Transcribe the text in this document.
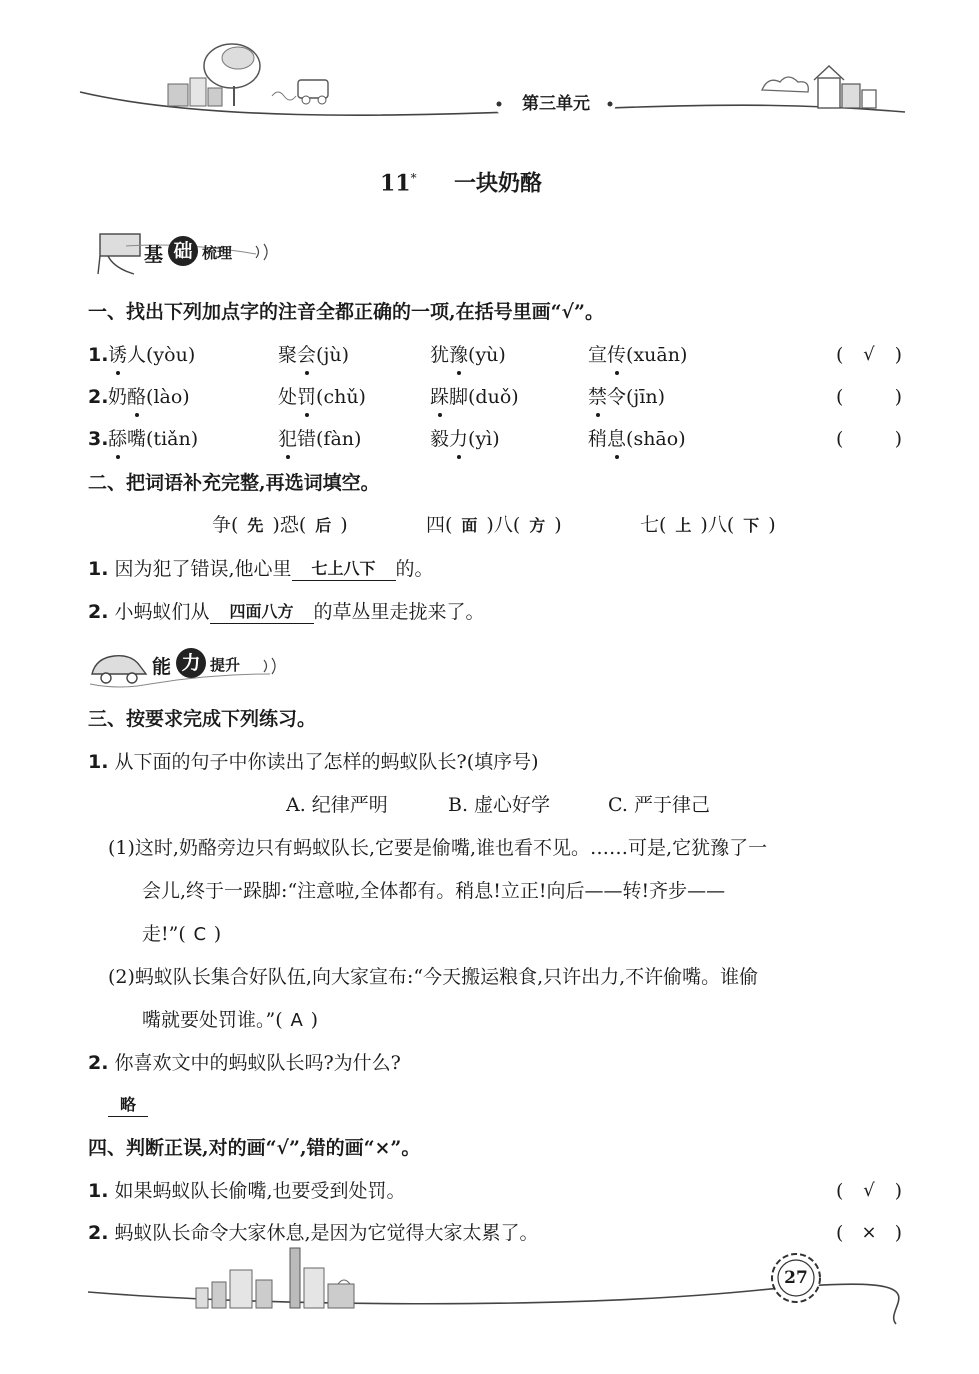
第三单元
11* 一块奶酪
基 础 梳理
一、找出下列加点字的注音全都正确的一项,在括号里画“√”。
1. 诱人(yòu)	聚会(jù)	犹豫(yù)	宣传(xuān)	( √ )
2. 奶酪(lào)	处罚(chǔ)	跺脚(duǒ)	禁令(jīn)	(	)
3. 舔嘴(tiǎn)	犯错(fàn)	毅力(yì)	稍息(shāo)	(	)
二、把词语补充完整,再选词填空。
争( 先 )恐( 后 )	四( 面 )八( 方 )	七( 上 )八( 下 )
1. 因为犯了错误,他心里 七上八下 的。
2. 小蚂蚁们从 四面八方 的草丛里走拢来了。
能 力 提升
三、按要求完成下列练习。
1. 从下面的句子中你读出了怎样的蚂蚁队长?(填序号)
A. 纪律严明	B. 虚心好学	C. 严于律己
(1)这时,奶酪旁边只有蚂蚁队长,它要是偷嘴,谁也看不见。……可是,它犹豫了一
会儿,终于一跺脚:“注意啦,全体都有。稍息!立正!向后——转!齐步——
走!”( C )
(2)蚂蚁队长集合好队伍,向大家宣布:“今天搬运粮食,只许出力,不许偷嘴。谁偷
嘴就要处罚谁。”( A )
2. 你喜欢文中的蚂蚁队长吗?为什么?
略
四、判断正误,对的画“√”,错的画“×”。
1. 如果蚂蚁队长偷嘴,也要受到处罚。	( √ )
2. 蚂蚁队长命令大家休息,是因为它觉得大家太累了。	( × )
27
